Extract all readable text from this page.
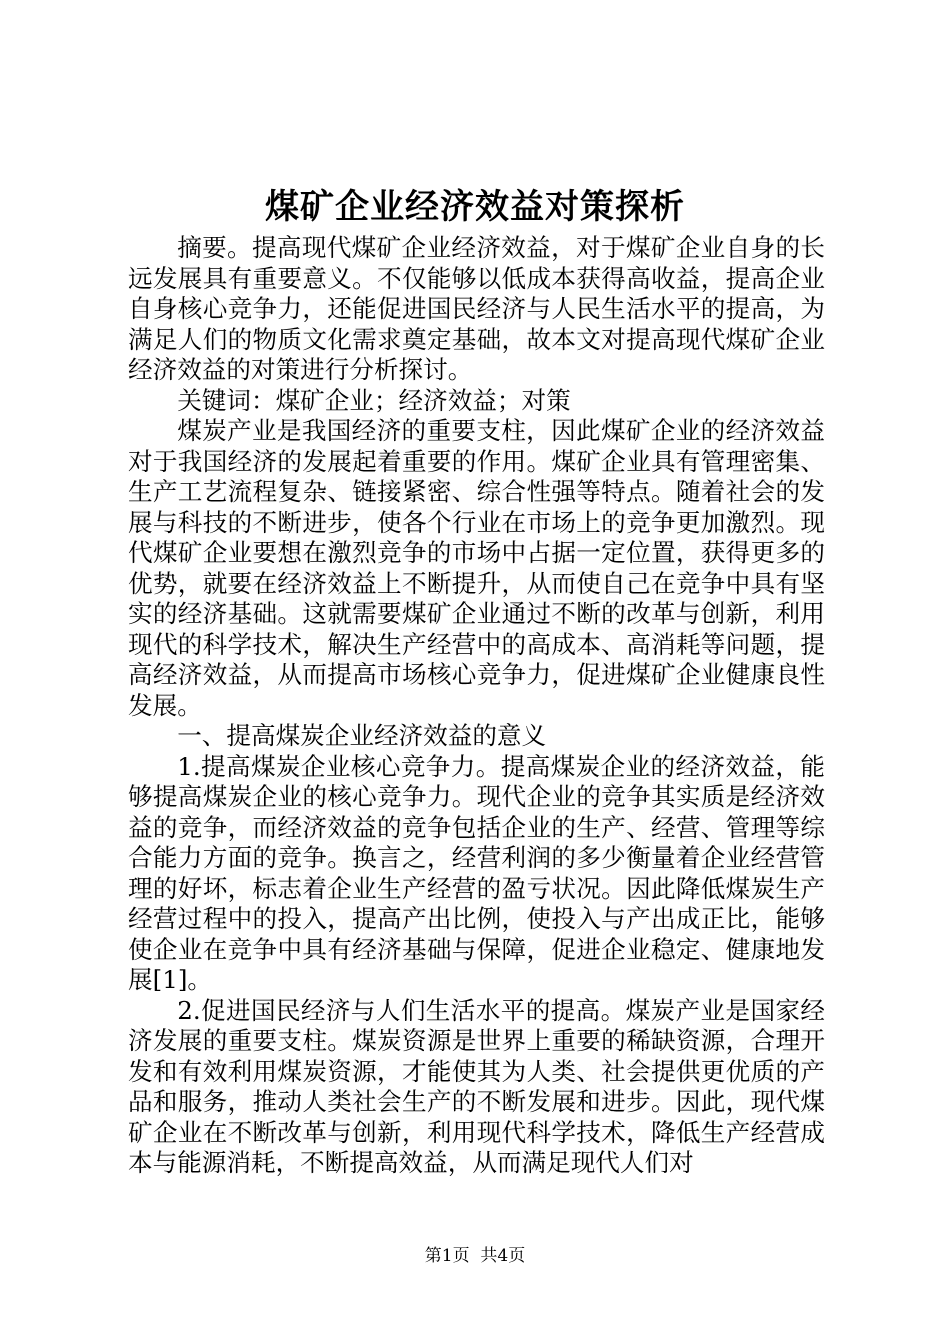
煤矿企业经济效益对策探析

摘要。提高现代煤矿企业经济效益，对于煤矿企业自身的长远发展具有重要意义。不仅能够以低成本获得高收益，提高企业自身核心竞争力，还能促进国民经济与人民生活水平的提高，为满足人们的物质文化需求奠定基础，故本文对提高现代煤矿企业经济效益的对策进行分析探讨。

关键词：煤矿企业；经济效益；对策

煤炭产业是我国经济的重要支柱，因此煤矿企业的经济效益对于我国经济的发展起着重要的作用。煤矿企业具有管理密集、生产工艺流程复杂、链接紧密、综合性强等特点。随着社会的发展与科技的不断进步，使各个行业在市场上的竞争更加激烈。现代煤矿企业要想在激烈竞争的市场中占据一定位置，获得更多的优势，就要在经济效益上不断提升，从而使自己在竞争中具有坚实的经济基础。这就需要煤矿企业通过不断的改革与创新，利用现代的科学技术，解决生产经营中的高成本、高消耗等问题，提高经济效益，从而提高市场核心竞争力，促进煤矿企业健康良性发展。

一、提高煤炭企业经济效益的意义

1.提高煤炭企业核心竞争力。提高煤炭企业的经济效益，能够提高煤炭企业的核心竞争力。现代企业的竞争其实质是经济效益的竞争，而经济效益的竞争包括企业的生产、经营、管理等综合能力方面的竞争。换言之，经营利润的多少衡量着企业经营管理的好坏，标志着企业生产经营的盈亏状况。因此降低煤炭生产经营过程中的投入，提高产出比例，使投入与产出成正比，能够使企业在竞争中具有经济基础与保障，促进企业稳定、健康地发展[1]。

2.促进国民经济与人们生活水平的提高。煤炭产业是国家经济发展的重要支柱。煤炭资源是世界上重要的稀缺资源，合理开发和有效利用煤炭资源，才能使其为人类、社会提供更优质的产品和服务，推动人类社会生产的不断发展和进步。因此，现代煤矿企业在不断改革与创新，利用现代科学技术，降低生产经营成本与能源消耗，不断提高效益，从而满足现代人们对

第1页 共4页
